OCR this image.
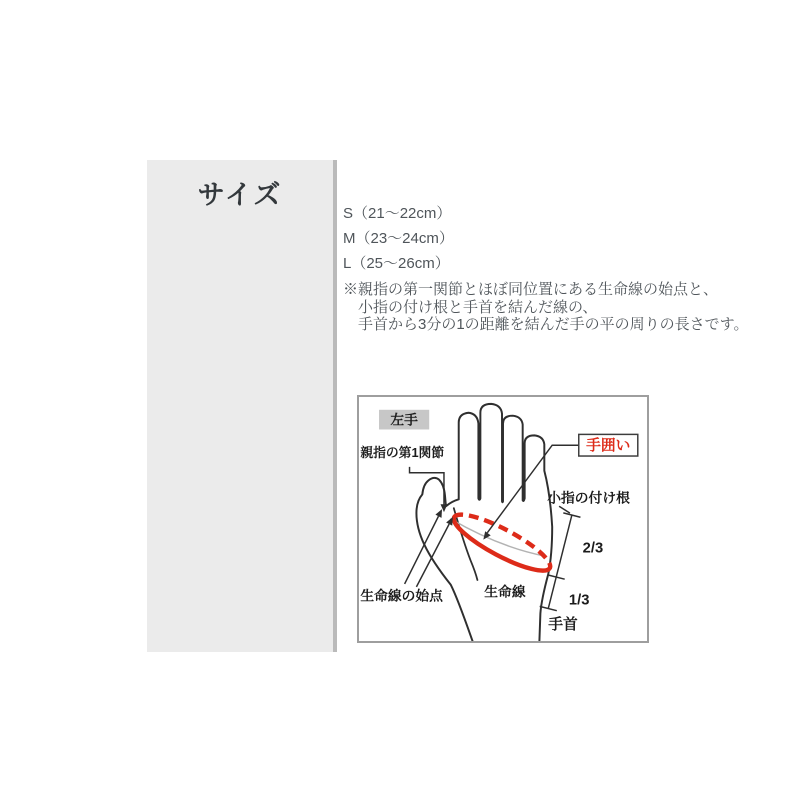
サイズ
S（21～22cm）
M（23～24cm）
L（25～26cm）
※親指の第一関節とほぼ同位置にある生命線の始点と、
小指の付け根と手首を結んだ線の、
手首から3分の1の距離を結んだ手の平の周りの長さです。
左手
手囲い
親指の第1関節
小指の付け根
2/3
1/3
手首
生命線の始点	生命線
